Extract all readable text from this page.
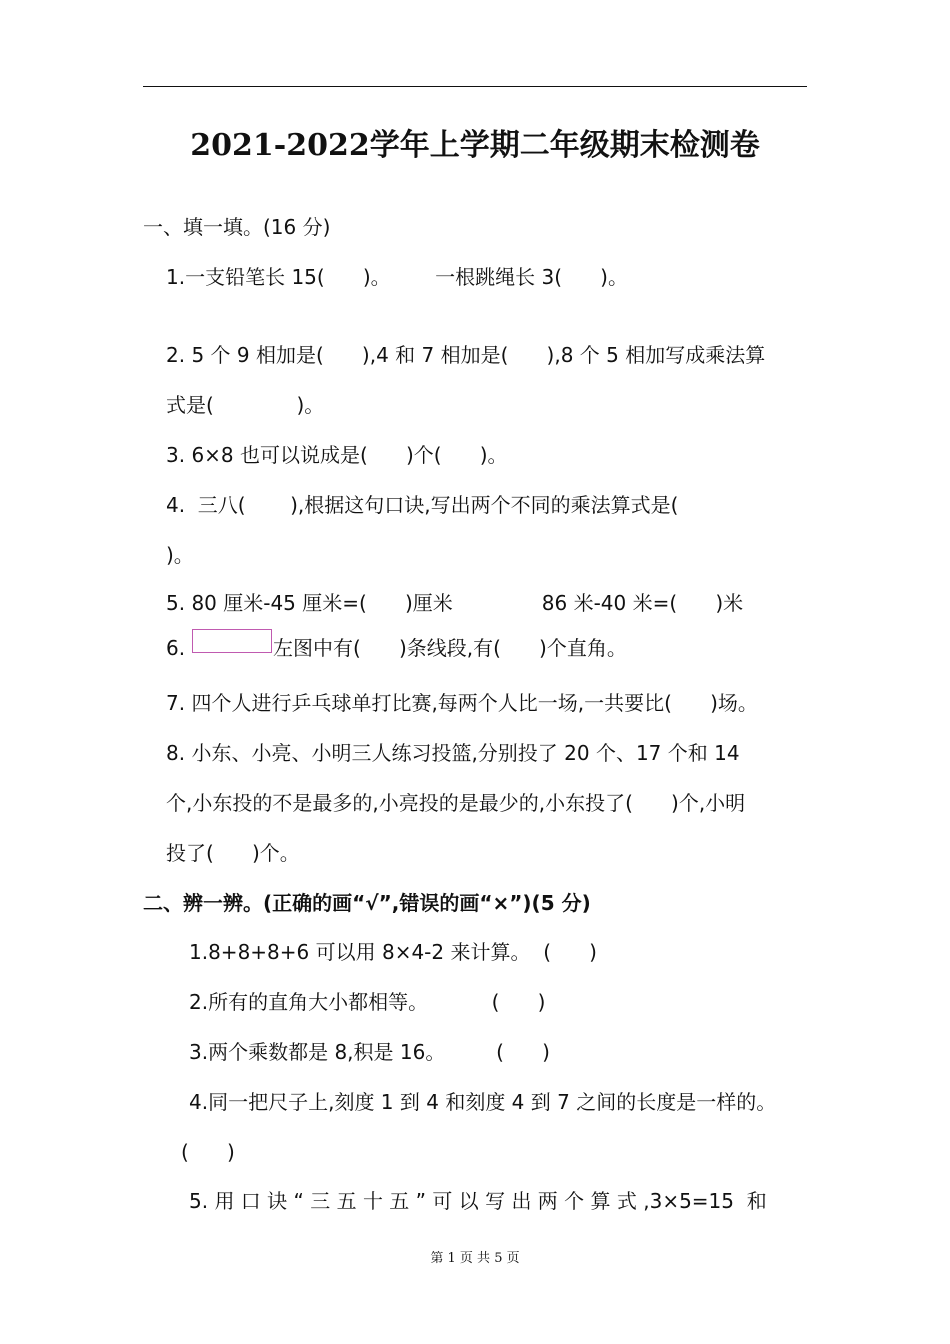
2021-2022学年上学期二年级期末检测卷
一、填一填。(16 分)
1.一支铅笔长 15(      )。       一根跳绳长 3(      )。
2. 5 个 9 相加是(      ),4 和 7 相加是(      ),8 个 5 相加写成乘法算
式是(             )。
3. 6×8 也可以说成是(      )个(      )。
4.  三八(       ),根据这句口诀,写出两个不同的乘法算式是(
)。
5. 80 厘米-45 厘米=(      )厘米              86 米-40 米=(      )米
6.	左图中有(      )条线段,有(      )个直角。
7. 四个人进行乒乓球单打比赛,每两个人比一场,一共要比(      )场。
8. 小东、小亮、小明三人练习投篮,分别投了 20 个、17 个和 14
个,小东投的不是最多的,小亮投的是最少的,小东投了(      )个,小明
投了(      )个。
二、辨一辨。(正确的画“√”,错误的画“×”)(5 分)
1.8+8+8+6 可以用 8×4-2 来计算。  (      )
2.所有的直角大小都相等。          (      )
3.两个乘数都是 8,积是 16。        (      )
4.同一把尺子上,刻度 1 到 4 和刻度 4 到 7 之间的长度是一样的。
(      )
5. 用 口 诀 “ 三 五 十 五 ” 可 以 写 出 两 个 算 式 ,3×5=15  和
第 1 页 共 5 页
